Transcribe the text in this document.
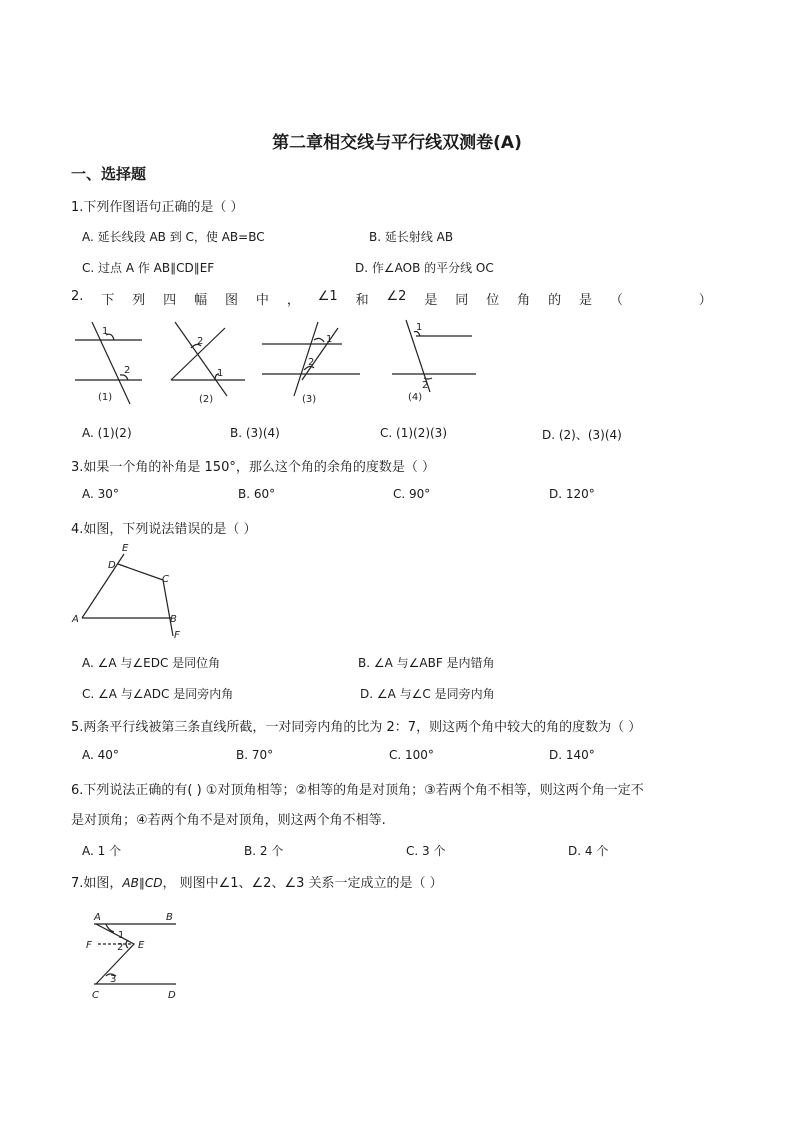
第二章相交线与平行线双测卷(A)
一、选择题
1.下列作图语句正确的是（ ）
A. 延长线段 AB 到 C，使 AB=BC	B. 延长射线 AB
C. 过点 A 作 AB∥CD∥EF	D. 作∠AOB 的平分线 OC
2. 下 列 四 幅 图 中 ， ∠1 和 ∠2 是 同 位 角 的 是 （	）
1
2
(1)
2
1
(2)
1
2
(3)
1
2
(4)
A. (1)(2)	B. (3)(4)	C. (1)(2)(3)	D. (2)、(3)(4)
3.如果一个角的补角是 150°，那么这个角的余角的度数是（ ）
A. 30°	B. 60°	C. 90°	D. 120°
4.如图，下列说法错误的是（ ）
E
D
C
A	B
F
A. ∠A 与∠EDC 是同位角	B. ∠A 与∠ABF 是内错角
C. ∠A 与∠ADC 是同旁内角	D. ∠A 与∠C 是同旁内角
5.两条平行线被第三条直线所截，一对同旁内角的比为 2：7，则这两个角中较大的角的度数为（ ）
A. 40°	B. 70°	C. 100°	D. 140°
6.下列说法正确的有( ) ①对顶角相等；②相等的角是对顶角；③若两个角不相等，则这两个角一定不
是对顶角；④若两个角不是对顶角，则这两个角不相等.
A. 1 个	B. 2 个	C. 3 个	D. 4 个
7.如图，AB∥CD， 则图中∠1、∠2、∠3 关系一定成立的是（ ）
A	B
F	E
C	D
1
2
3
